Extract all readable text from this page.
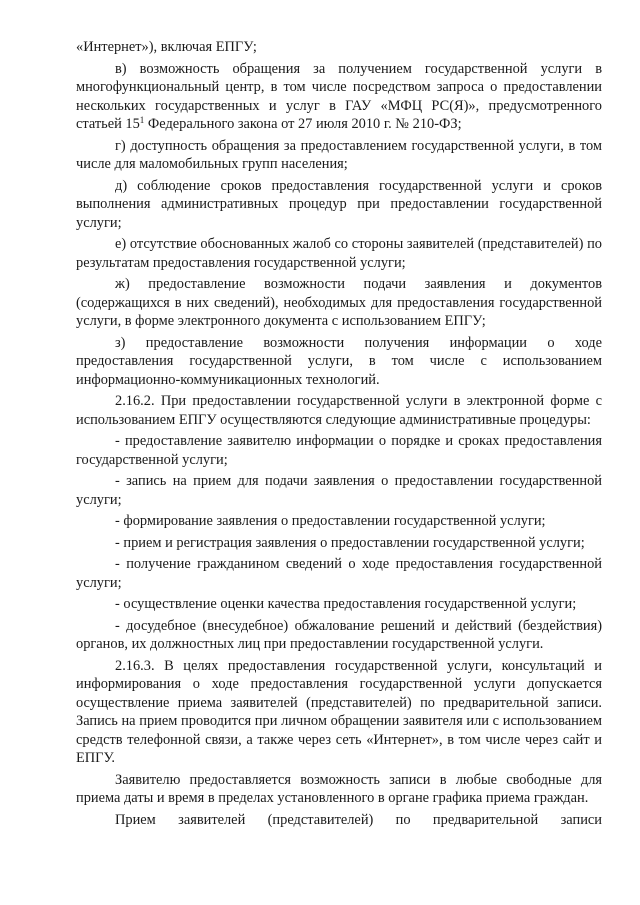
«Интернет»), включая ЕПГУ;

в) возможность обращения за получением государственной услуги в многофункциональный центр, в том числе посредством запроса о предоставлении нескольких государственных и услуг в ГАУ «МФЦ РС(Я)», предусмотренного статьей $15^1$ Федерального закона от 27 июля 2010 г. № 210-ФЗ;

г) доступность обращения за предоставлением государственной услуги, в том числе для маломобильных групп населения;

д) соблюдение сроков предоставления государственной услуги и сроков выполнения административных процедур при предоставлении государственной услуги;

е) отсутствие обоснованных жалоб со стороны заявителей (представителей) по результатам предоставления государственной услуги;

ж) предоставление возможности подачи заявления и документов (содержащихся в них сведений), необходимых для предоставления государственной услуги, в форме электронного документа с использованием ЕПГУ;

з) предоставление возможности получения информации о ходе предоставления государственной услуги, в том числе с использованием информационно-коммуникационных технологий.

2.16.2. При предоставлении государственной услуги в электронной форме с использованием ЕПГУ осуществляются следующие административные процедуры:

- предоставление заявителю информации о порядке и сроках предоставления государственной услуги;

- запись на прием для подачи заявления о предоставлении государственной услуги;

- формирование заявления о предоставлении государственной услуги;

- прием и регистрация заявления о предоставлении государственной услуги;

- получение гражданином сведений о ходе предоставления государственной услуги;

- осуществление оценки качества предоставления государственной услуги;

- досудебное (внесудебное) обжалование решений и действий (бездействия) органов, их должностных лиц при предоставлении государственной услуги.

2.16.3. В целях предоставления государственной услуги, консультаций и информирования о ходе предоставления государственной услуги допускается осуществление приема заявителей (представителей) по предварительной записи. Запись на прием проводится при личном обращении заявителя или с использованием средств телефонной связи, а также через сеть «Интернет», в том числе через сайт и ЕПГУ.

Заявителю предоставляется возможность записи в любые свободные для приема даты и время в пределах установленного в органе графика приема граждан.

Прием заявителей (представителей) по предварительной записи
